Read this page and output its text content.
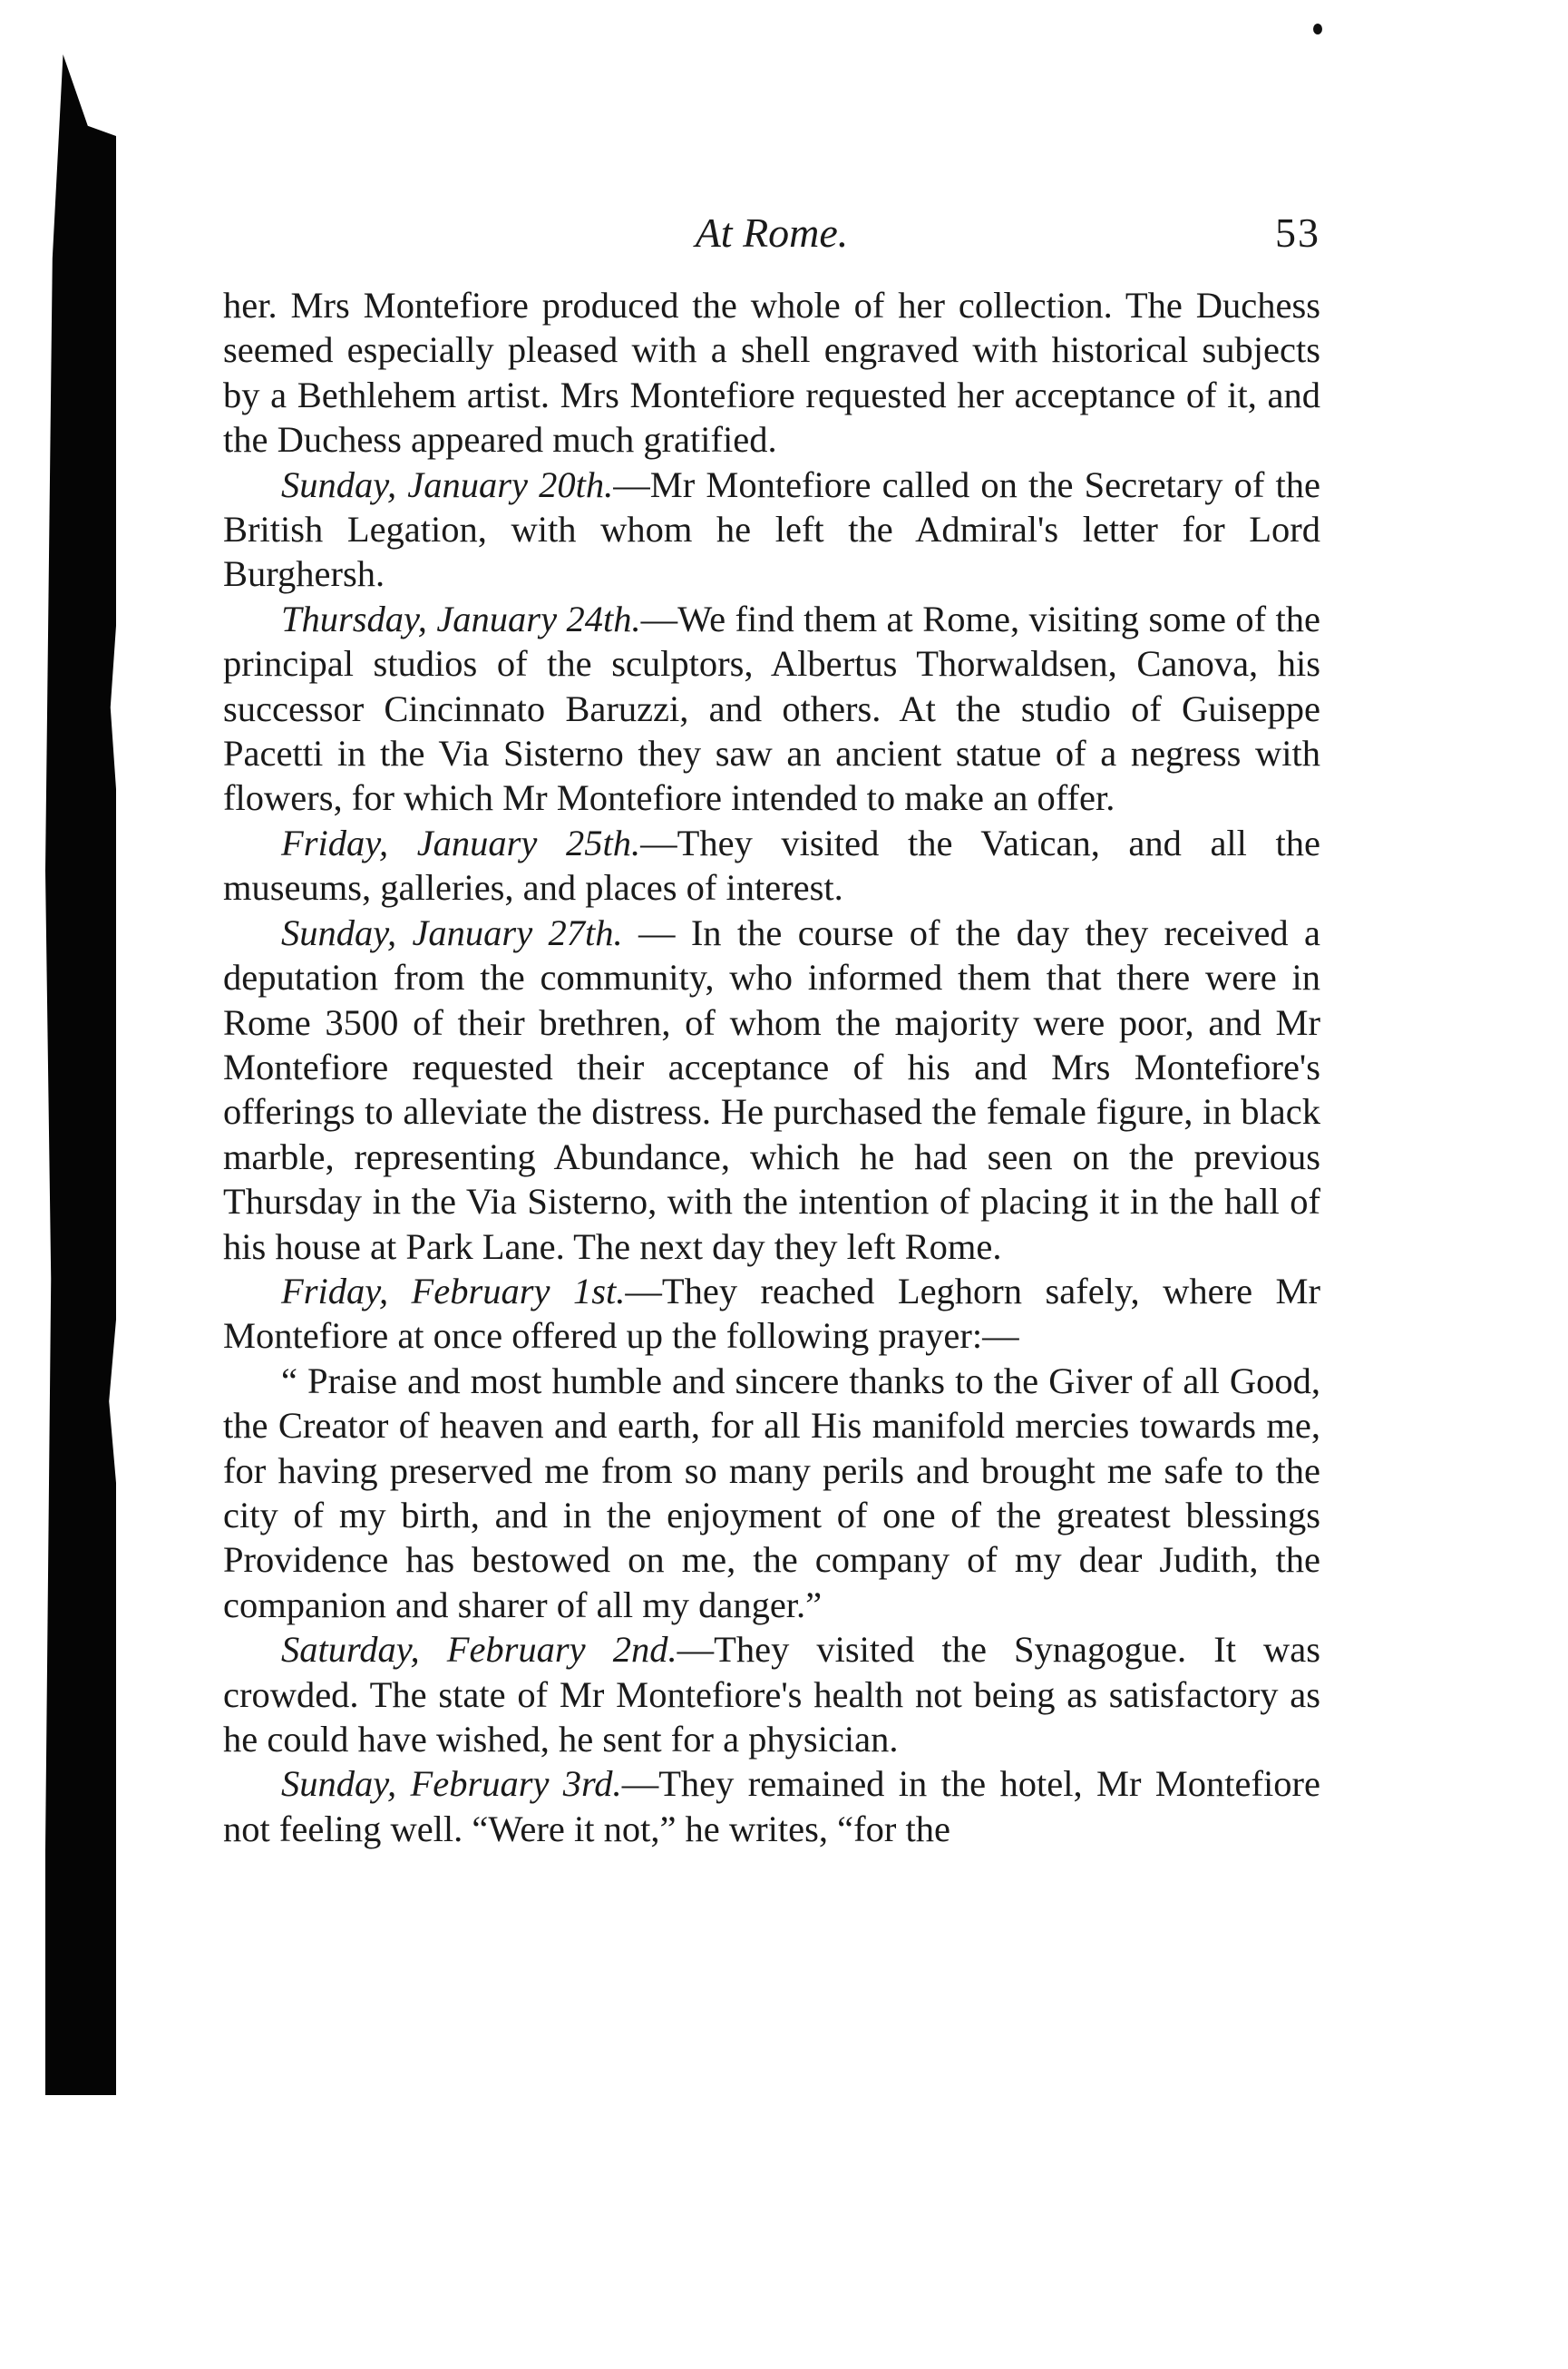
At Rome.	53

her. Mrs Montefiore produced the whole of her collection. The Duchess seemed especially pleased with a shell engraved with historical subjects by a Bethlehem artist. Mrs Montefiore requested her acceptance of it, and the Duchess appeared much gratified.

Sunday, January 20th.—Mr Montefiore called on the Secretary of the British Legation, with whom he left the Admiral's letter for Lord Burghersh.

Thursday, January 24th.—We find them at Rome, visiting some of the principal studios of the sculptors, Albertus Thorwaldsen, Canova, his successor Cincinnato Baruzzi, and others. At the studio of Guiseppe Pacetti in the Via Sisterno they saw an ancient statue of a negress with flowers, for which Mr Montefiore intended to make an offer.

Friday, January 25th.—They visited the Vatican, and all the museums, galleries, and places of interest.

Sunday, January 27th. — In the course of the day they received a deputation from the community, who informed them that there were in Rome 3500 of their brethren, of whom the majority were poor, and Mr Montefiore requested their acceptance of his and Mrs Montefiore's offerings to alleviate the distress. He purchased the female figure, in black marble, representing Abundance, which he had seen on the previous Thursday in the Via Sisterno, with the intention of placing it in the hall of his house at Park Lane. The next day they left Rome.

Friday, February 1st.—They reached Leghorn safely, where Mr Montefiore at once offered up the following prayer:—

“ Praise and most humble and sincere thanks to the Giver of all Good, the Creator of heaven and earth, for all His manifold mercies towards me, for having preserved me from so many perils and brought me safe to the city of my birth, and in the enjoyment of one of the greatest blessings Providence has bestowed on me, the company of my dear Judith, the companion and sharer of all my danger.”

Saturday, February 2nd.—They visited the Synagogue. It was crowded. The state of Mr Montefiore's health not being as satisfactory as he could have wished, he sent for a physician.

Sunday, February 3rd.—They remained in the hotel, Mr Montefiore not feeling well. “Were it not,” he writes, “for the
